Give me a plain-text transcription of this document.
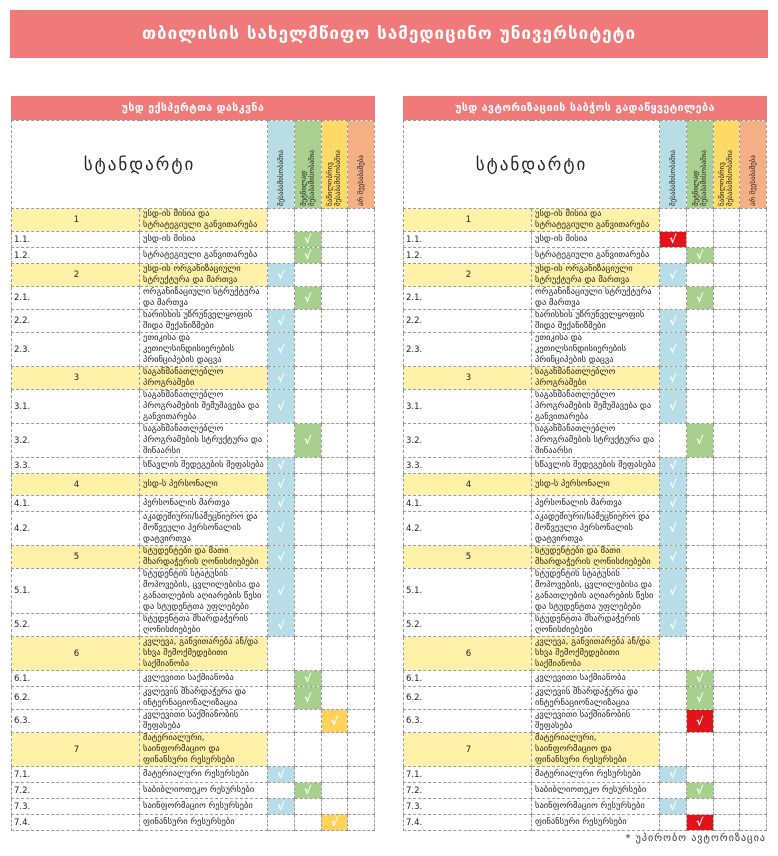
თბილისის სახელმწიფო სამედიცინო უნივერსიტეტი
უსდ ექსპერტთა დასკვნა
სტანდარტი		შესაბამისობაშია	მეტწილად შესაბამისობაშია	ნაწილობრივ შესაბამისობაშია	არ შეესაბამება

1	უსდ-ის მისია და სტრატეგიული განვითარება		√		
1.1.	უსდ-ის მისია		√		
1.2.	სტრატეგიული განვითარება		√		
2	უსდ-ის ორგანიზაციული სტრუქტურა და მართვა	√			
2.1.	ორგანიზაციული სტრუქტურა და მართვა		√		
2.2.	ხარისხის უზრუნველყოფის შიდა მექანიზმები	√			
2.3.	ეთიკისა და კეთილსინდისიერების პრინციპების დაცვა	√			
3	საგანმანათლებლო პროგრამები	√			
3.1.	საგანმანათლებლო პროგრამების შემუშავება და განვითარება	√			
3.2.	საგანმანათლებლო პროგრამების სტრუქტურა და შინაარსი		√		
3.3.	სწავლის შედეგების შეფასება	√			
4	უსდ-ს პერსონალი	√			
4.1.	პერსონალის მართვა	√			
4.2.	აკადემიური/სამეცნიერო და მოწვეული პერსონალის დატვირთვა	√			
5	სტუდენტები და მათი მხარდაჭერის ღონისძიებები	√			
5.1.	სტუდენტის სტატუსის მოპოვების, ცვლილებისა და განათლების აღიარების წესი და სტუდენტთა უფლებები	√			
5.2.	სტუდენტთა მხარდაჭერის ღონისძიებები	√			
6	კვლევა, განვითარება ან/და სხვა შემოქმედებითი საქმიანობა		√		
6.1.	კვლევითი საქმიანობა		√		
6.2.	კვლევის მხარდაჭერა და ინტერნაციონალიზაცია		√		
6.3.	კვლევითი საქმიანობის შეფასება			√	
7	მატერიალური, საინფორმაციო და ფინანსური რესურსები		√		
7.1.	მატერიალური რესურსები	√			
7.2.	საბიბლიოთეკო რესურსები		√		
7.3.	საინფორმაციო რესურსები	√			
7.4.	ფინანსური რესურსები			√	
უსდ ავტორიზაციის საბჭოს გადაწყვეტილება
სტანდარტი		შესაბამისობაშია	მეტწილად შესაბამისობაშია	ნაწილობრივ შესაბამისობაშია	არ შეესაბამება

1	უსდ-ის მისია და სტრატეგიული განვითარება	√			
1.1.	უსდ-ის მისია	√			
1.2.	სტრატეგიული განვითარება		√		
2	უსდ-ის ორგანიზაციული სტრუქტურა და მართვა	√			
2.1.	ორგანიზაციული სტრუქტურა და მართვა		√		
2.2.	ხარისხის უზრუნველყოფის შიდა მექანიზმები	√			
2.3.	ეთიკისა და კეთილსინდისიერების პრინციპების დაცვა	√			
3	საგანმანათლებლო პროგრამები	√			
3.1.	საგანმანათლებლო პროგრამების შემუშავება და განვითარება	√			
3.2.	საგანმანათლებლო პროგრამების სტრუქტურა და შინაარსი		√		
3.3.	სწავლის შედეგების შეფასება	√			
4	უსდ-ს პერსონალი	√			
4.1.	პერსონალის მართვა	√			
4.2.	აკადემიური/სამეცნიერო და მოწვეული პერსონალის დატვირთვა	√			
5	სტუდენტები და მათი მხარდაჭერის ღონისძიებები	√			
5.1.	სტუდენტის სტატუსის მოპოვების, ცვლილებისა და განათლების აღიარების წესი და სტუდენტთა უფლებები	√			
5.2.	სტუდენტთა მხარდაჭერის ღონისძიებები	√			
6	კვლევა, განვითარება ან/და სხვა შემოქმედებითი საქმიანობა	√			
6.1.	კვლევითი საქმიანობა		√		
6.2.	კვლევის მხარდაჭერა და ინტერნაციონალიზაცია		√		
6.3.	კვლევითი საქმიანობის შეფასება		√		
7	მატერიალური, საინფორმაციო და ფინანსური რესურსები	√			
7.1.	მატერიალური რესურსები	√			
7.2.	საბიბლიოთეკო რესურსები		√		
7.3.	საინფორმაციო რესურსები	√			
7.4.	ფინანსური რესურსები		√		
* უპირობო ავტორიზაცია
